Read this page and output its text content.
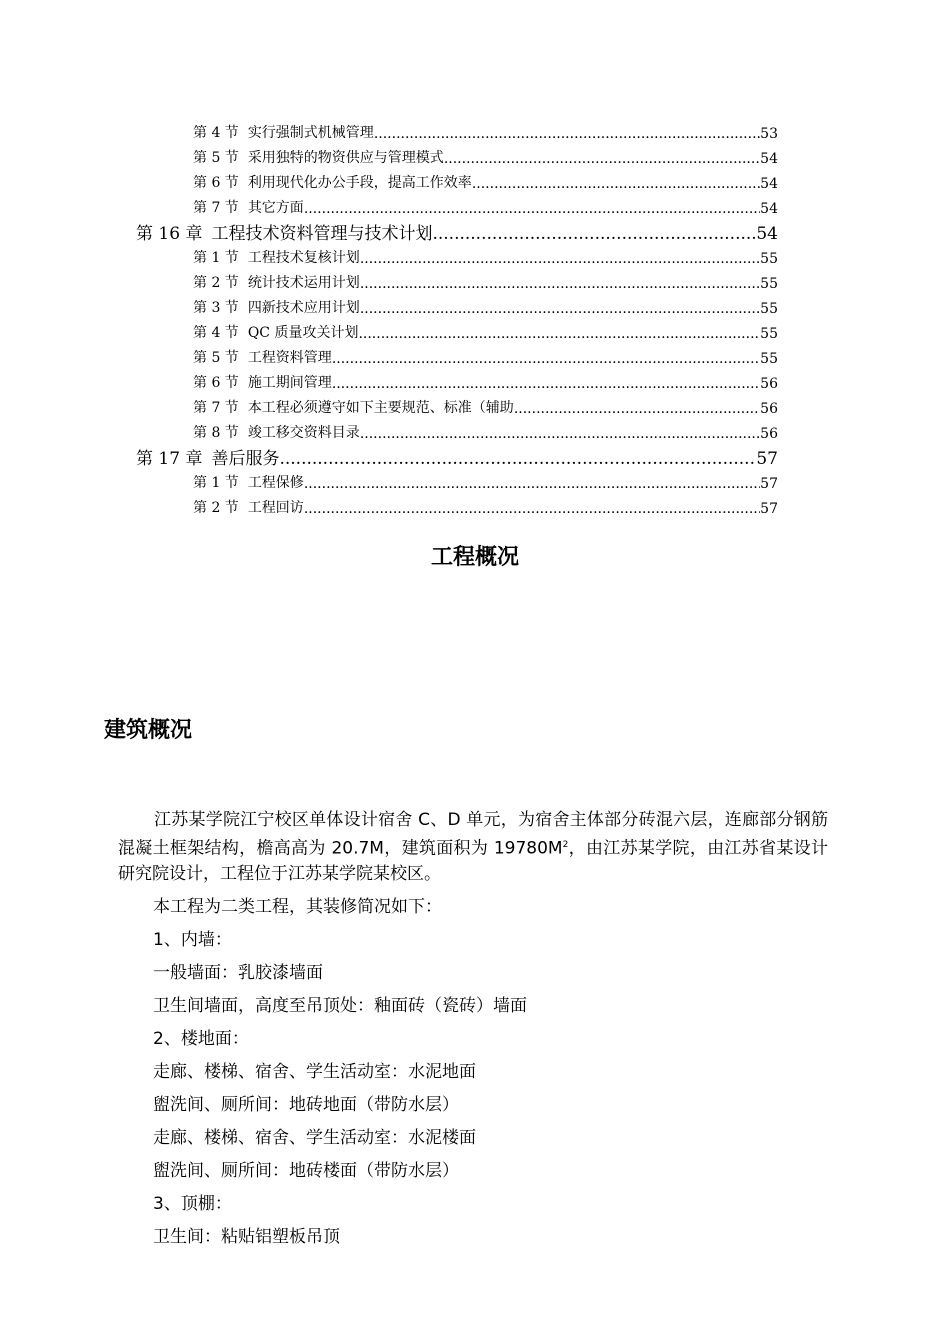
第 4 节 实行强制式机械管理 .....	53
第 5 节 采用独特的物资供应与管理模式 .....	54
第 6 节 利用现代化办公手段，提高工作效率 .....	54
第 7 节 其它方面 .....	54
第 16 章 工程技术资料管理与技术计划 .....	54
第 1 节 工程技术复核计划 .....	55
第 2 节 统计技术运用计划 .....	55
第 3 节 四新技术应用计划 .....	55
第 4 节 QC 质量攻关计划 .....	55
第 5 节 工程资料管理 .....	55
第 6 节 施工期间管理 .....	56
第 7 节 本工程必须遵守如下主要规范、标准（辅助 .....	56
第 8 节 竣工移交资料目录 .....	56
第 17 章 善后服务 .....	57
第 1 节 工程保修 .....	57
第 2 节 工程回访 .....	57
工程概况
建筑概况
江苏某学院江宁校区单体设计宿舍 C、D 单元，为宿舍主体部分砖混六层，连廊部分钢筋混凝土框架结构，檐高高为 20.7M，建筑面积为 $19780M^2$，由江苏某学院，由江苏省某设计研究院设计，工程位于江苏某学院某校区。
本工程为二类工程，其装修简况如下：
1、内墙：
一般墙面：乳胶漆墙面
卫生间墙面，高度至吊顶处：釉面砖（瓷砖）墙面
2、楼地面：
走廊、楼梯、宿舍、学生活动室：水泥地面
盥洗间、厕所间：地砖地面（带防水层）
走廊、楼梯、宿舍、学生活动室：水泥楼面
盥洗间、厕所间：地砖楼面（带防水层）
3、顶棚：
卫生间：粘贴铝塑板吊顶
